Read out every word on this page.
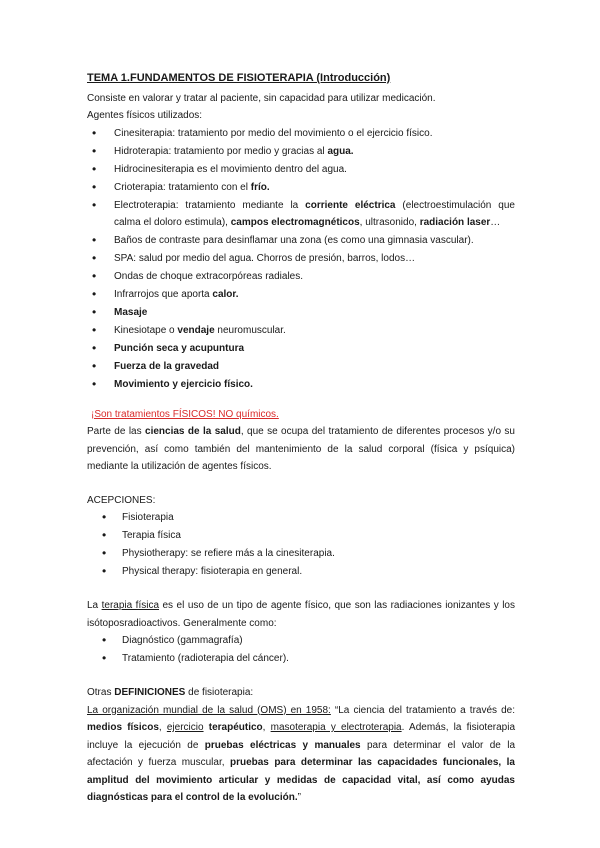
TEMA 1.FUNDAMENTOS DE FISIOTERAPIA (Introducción)

Consiste en valorar y tratar al paciente, sin capacidad para utilizar medicación.

Agentes físicos utilizados:

• Cinesiterapia: tratamiento por medio del movimiento o el ejercicio físico.
• Hidroterapia: tratamiento por medio y gracias al agua.
• Hidrocinesiterapia es el movimiento dentro del agua.
• Crioterapia: tratamiento con el frío.
• Electroterapia: tratamiento mediante la corriente eléctrica (electroestimulación que calma el doloro estimula), campos electromagnéticos, ultrasonido, radiación laser…
• Baños de contraste para desinflamar una zona (es como una gimnasia vascular).
• SPA: salud por medio del agua. Chorros de presión, barros, lodos…
• Ondas de choque extracorpóreas radiales.
• Infrarrojos que aporta calor.
• Masaje
• Kinesiotape o vendaje neuromuscular.
• Punción seca y acupuntura
• Fuerza de la gravedad
• Movimiento y ejercicio físico.

¡Son tratamientos FÍSICOS! NO químicos.

Parte de las ciencias de la salud, que se ocupa del tratamiento de diferentes procesos y/o su prevención, así como también del mantenimiento de la salud corporal (física y psíquica) mediante la utilización de agentes físicos.

ACEPCIONES:

• Fisioterapia
• Terapia física
• Physiotherapy: se refiere más a la cinesiterapia.
• Physical therapy: fisioterapia en general.

La terapia física es el uso de un tipo de agente físico, que son las radiaciones ionizantes y los isótoposradioactivos. Generalmente como:

• Diagnóstico (gammagrafía)
• Tratamiento (radioterapia del cáncer).

Otras DEFINICIONES de fisioterapia:

La organización mundial de la salud (OMS) en 1958: “La ciencia del tratamiento a través de: medios físicos, ejercicio terapéutico, masoterapia y electroterapia. Además, la fisioterapia incluye la ejecución de pruebas eléctricas y manuales para determinar el valor de la afectación y fuerza muscular, pruebas para determinar las capacidades funcionales, la amplitud del movimiento articular y medidas de capacidad vital, así como ayudas diagnósticas para el control de la evolución.”
